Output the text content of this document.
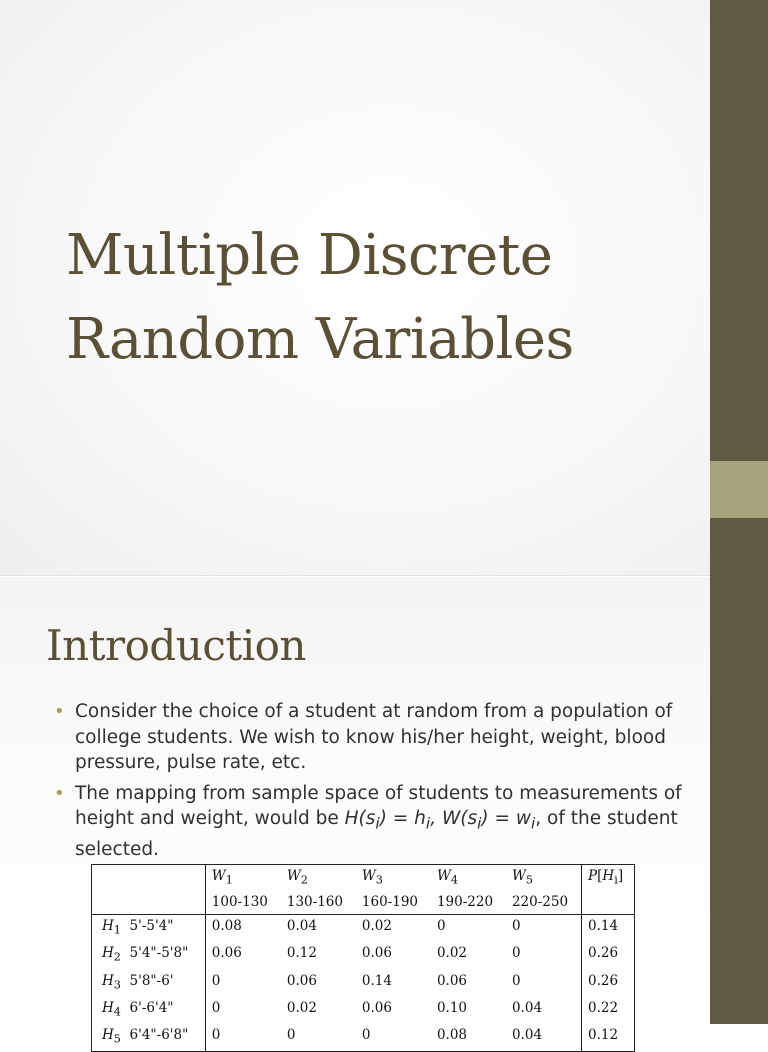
Multiple Discrete
Random Variables
Introduction
• Consider the choice of a student at random from a population of college students. We wish to know his/her height, weight, blood pressure, pulse rate, etc.
• The mapping from sample space of students to measurements of height and weight, would be $H(s_i) = h_i$, $W(s_i) = w_i$, of the student selected.
	$W_1$	$W_2$	$W_3$	$W_4$	$W_5$	$P[H_i]$
	100-130	130-160	160-190	190-220	220-250	
$H_1$  5'-5'4"	0.08	0.04	0.02	0	0	0.14
$H_2$  5'4"-5'8"	0.06	0.12	0.06	0.02	0	0.26
$H_3$  5'8"-6'	0	0.06	0.14	0.06	0	0.26
$H_4$  6'-6'4"	0	0.02	0.06	0.10	0.04	0.22
$H_5$  6'4"-6'8"	0	0	0	0.08	0.04	0.12
